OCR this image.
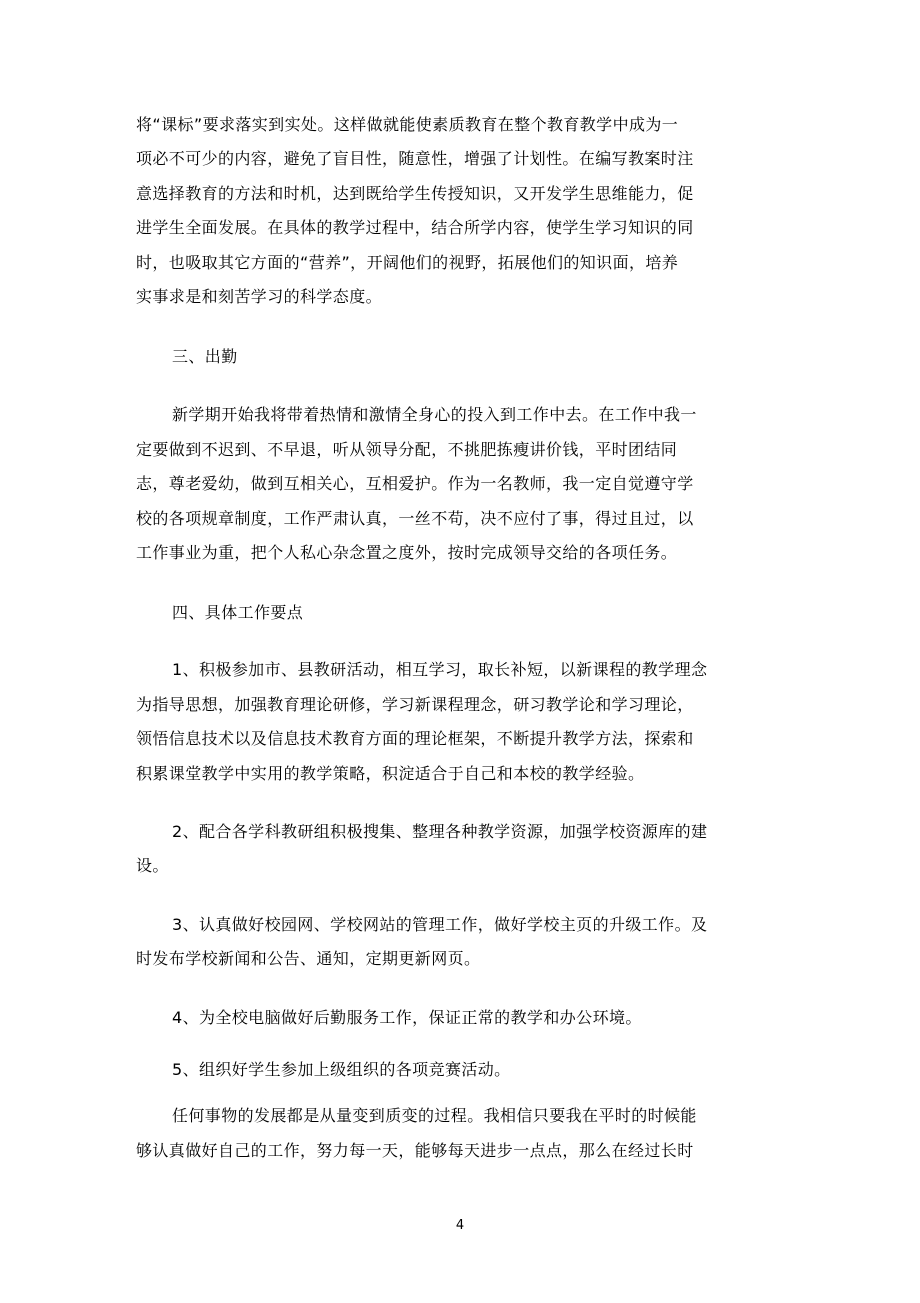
将“课标”要求落实到实处。这样做就能使素质教育在整个教育教学中成为一
项必不可少的内容，避免了盲目性，随意性，增强了计划性。在编写教案时注
意选择教育的方法和时机，达到既给学生传授知识，又开发学生思维能力，促
进学生全面发展。在具体的教学过程中，结合所学内容，使学生学习知识的同
时，也吸取其它方面的“营养”，开阔他们的视野，拓展他们的知识面，培养
实事求是和刻苦学习的科学态度。
三、出勤
新学期开始我将带着热情和激情全身心的投入到工作中去。在工作中我一
定要做到不迟到、不早退，听从领导分配，不挑肥拣瘦讲价钱，平时团结同
志，尊老爱幼，做到互相关心，互相爱护。作为一名教师，我一定自觉遵守学
校的各项规章制度，工作严肃认真，一丝不苟，决不应付了事，得过且过，以
工作事业为重，把个人私心杂念置之度外，按时完成领导交给的各项任务。
四、具体工作要点
1、积极参加市、县教研活动，相互学习，取长补短，以新课程的教学理念
为指导思想，加强教育理论研修，学习新课程理念，研习教学论和学习理论，
领悟信息技术以及信息技术教育方面的理论框架，不断提升教学方法，探索和
积累课堂教学中实用的教学策略，积淀适合于自己和本校的教学经验。
2、配合各学科教研组积极搜集、整理各种教学资源，加强学校资源库的建
设。
3、认真做好校园网、学校网站的管理工作，做好学校主页的升级工作。及
时发布学校新闻和公告、通知，定期更新网页。
4、为全校电脑做好后勤服务工作，保证正常的教学和办公环境。
5、组织好学生参加上级组织的各项竞赛活动。
任何事物的发展都是从量变到质变的过程。我相信只要我在平时的时候能
够认真做好自己的工作，努力每一天，能够每天进步一点点，那么在经过长时
4
